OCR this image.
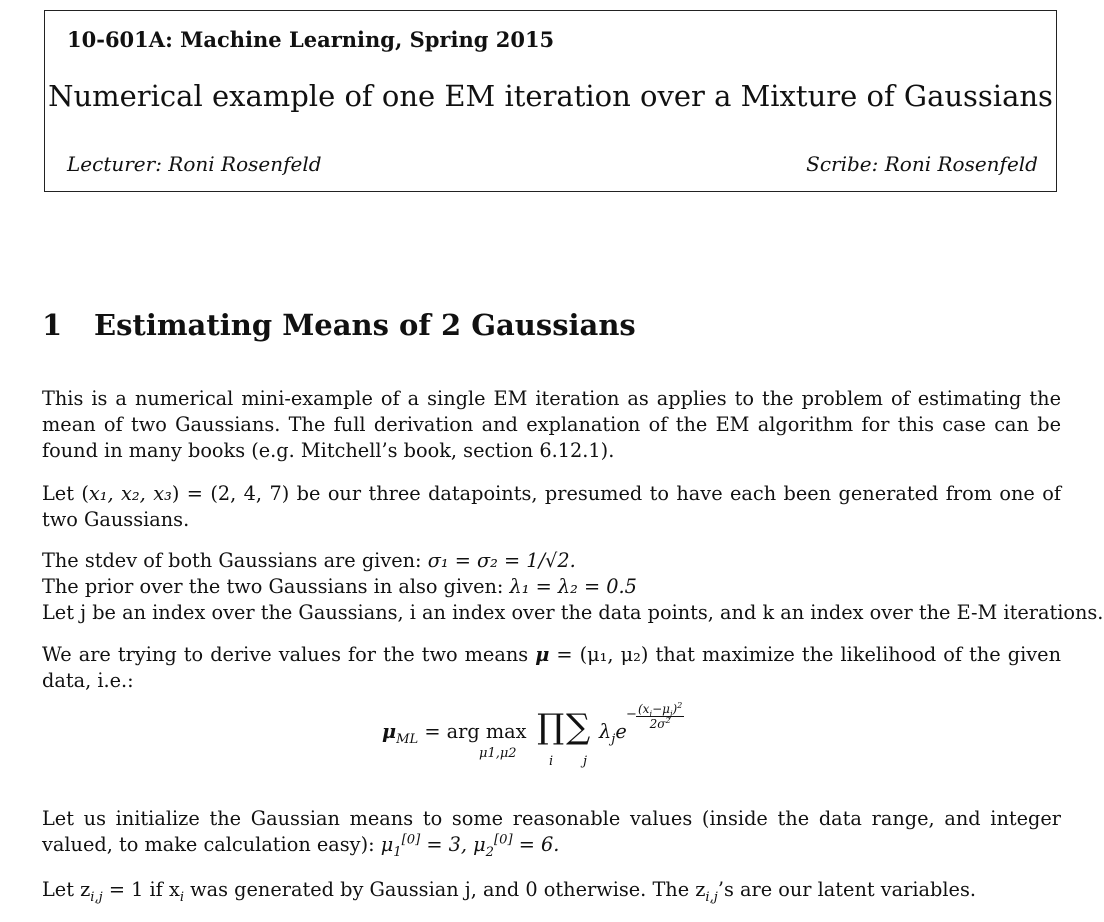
10-601A: Machine Learning, Spring 2015
Numerical example of one EM iteration over a Mixture of Gaussians
Lecturer: Roni Rosenfeld	Scribe: Roni Rosenfeld
1 Estimating Means of 2 Gaussians
This is a numerical mini-example of a single EM iteration as applies to the problem of estimating the mean of two Gaussians. The full derivation and explanation of the EM algorithm for this case can be found in many books (e.g. Mitchell’s book, section 6.12.1).
Let (x₁, x₂, x₃) = (2, 4, 7) be our three datapoints, presumed to have each been generated from one of two Gaussians.
The stdev of both Gaussians are given: σ₁ = σ₂ = 1/√2.
The prior over the two Gaussians in also given: λ₁ = λ₂ = 0.5
Let j be an index over the Gaussians, i an index over the data points, and k an index over the E-M iterations.
We are trying to derive values for the two means μ = (μ₁, μ₂) that maximize the likelihood of the given data, i.e.:
$\mu_{ML}$ = arg max
μ1,μ2
∏ ∑
i j
$\lambda_je$
− $\frac{(x_i-\mu_j)^2}{2\sigma^2}$
Let us initialize the Gaussian means to some reasonable values (inside the data range, and integer valued, to make calculation easy): $\mu_1[0] = 3$, $\mu_2[0] = 6$.
Let $z_{i,j} = 1$ if $x_i$ was generated by Gaussian j, and 0 otherwise. The $z_{i,j}’s$ are our latent variables.
